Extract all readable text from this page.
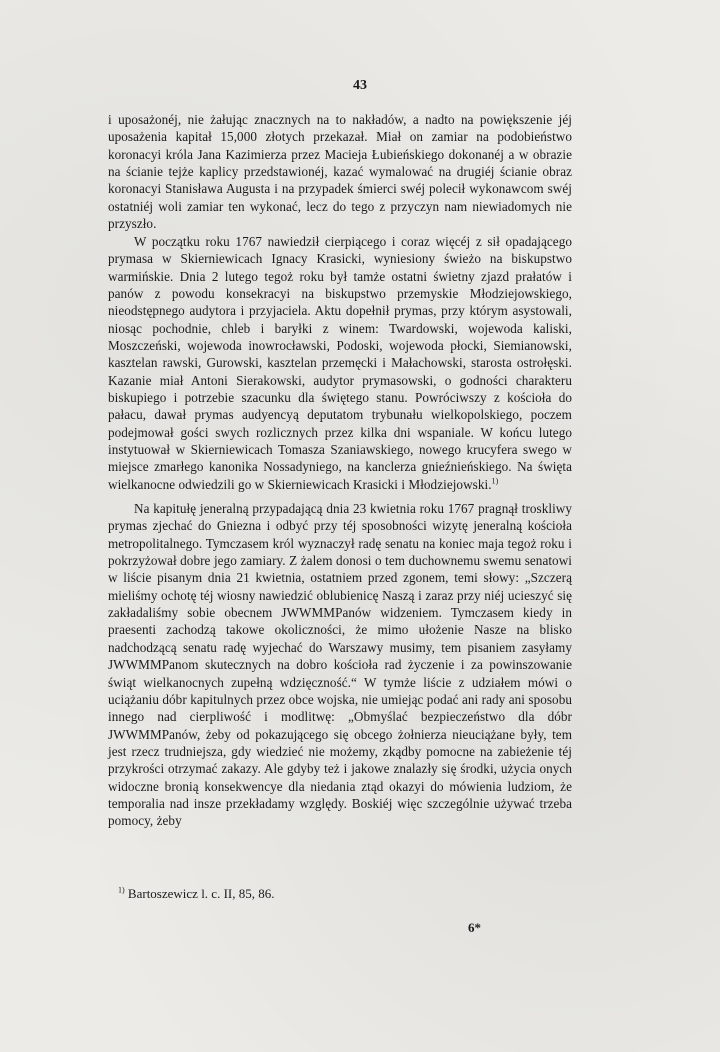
43

i uposażonéj, nie żałując znacznych na to nakładów, a nadto na powiększenie jéj uposażenia kapitał 15,000 złotych przekazał. Miał on zamiar na podobieństwo koronacyi króla Jana Kazimierza przez Macieja Łubieńskiego dokonanéj a w obrazie na ścianie tejże kaplicy przedstawionéj, kazać wymalować na drugiéj ścianie obraz koronacyi Stanisława Augusta i na przypadek śmierci swéj polecił wykonawcom swéj ostatniéj woli zamiar ten wykonać, lecz do tego z przyczyn nam niewiadomych nie przyszło.

W początku roku 1767 nawiedził cierpiącego i coraz więcéj z sił opadającego prymasa w Skierniewicach Ignacy Krasicki, wyniesiony świeżo na biskupstwo warmińskie. Dnia 2 lutego tegoż roku był tamże ostatni świetny zjazd prałatów i panów z powodu konsekracyi na biskupstwo przemyskie Młodziejowskiego, nieodstępnego audytora i przyjaciela. Aktu dopełnił prymas, przy którym asystowali, niosąc pochodnie, chleb i baryłki z winem: Twardowski, wojewoda kaliski, Moszczeński, wojewoda inowrocławski, Podoski, wojewoda płocki, Siemianowski, kasztelan rawski, Gurowski, kasztelan przemęcki i Małachowski, starosta ostrołęski. Kazanie miał Antoni Sierakowski, audytor prymasowski, o godności charakteru biskupiego i potrzebie szacunku dla świętego stanu. Powróciwszy z kościoła do pałacu, dawał prymas audyencyą deputatom trybunału wielkopolskiego, poczem podejmował gości swych rozlicznych przez kilka dni wspaniale. W końcu lutego instytuował w Skierniewicach Tomasza Szaniawskiego, nowego krucyfera swego w miejsce zmarłego kanonika Nossadyniego, na kanclerza gnieźnieńskiego. Na święta wielkanocne odwiedzili go w Skierniewicach Krasicki i Młodziejowski.$^{1)}$

Na kapitułę jeneralną przypadającą dnia 23 kwietnia roku 1767 pragnął troskliwy prymas zjechać do Gniezna i odbyć przy téj sposobności wizytę jeneralną kościoła metropolitalnego. Tymczasem król wyznaczył radę senatu na koniec maja tegoż roku i pokrzyżował dobre jego zamiary. Z żalem donosi o tem duchownemu swemu senatowi w liście pisanym dnia 21 kwietnia, ostatniem przed zgonem, temi słowy: „Szczerą mieliśmy ochotę téj wiosny nawiedzić oblubienicę Naszą i zaraz przy niéj ucieszyć się zakładaliśmy sobie obecnem JWWMMPanów widzeniem. Tymczasem kiedy in praesenti zachodzą takowe okoliczności, że mimo ułożenie Nasze na blisko nadchodzącą senatu radę wyjechać do Warszawy musimy, tem pisaniem zasyłamy JWWMMPanom skutecznych na dobro kościoła rad życzenie i za powinszowanie świąt wielkanocnych zupełną wdzięczność.“ W tymże liście z udziałem mówi o uciążaniu dóbr kapitulnych przez obce wojska, nie umiejąc podać ani rady ani sposobu innego nad cierpliwość i modlitwę: „Obmyślać bezpieczeństwo dla dóbr JWWMMPanów, żeby od pokazującego się obcego żołnierza nieuciążane były, tem jest rzecz trudniejsza, gdy wiedzieć nie możemy, zkądby pomocne na zabieżenie téj przykrości otrzymać zakazy. Ale gdyby też i jakowe znalazły się środki, użycia onych widoczne bronią konsekwencye dla niedania ztąd okazyi do mówienia ludziom, że temporalia nad insze przekładamy względy. Boskiéj więc szczególnie używać trzeba pomocy, żeby

$^{1)}$ Bartoszewicz l. c. II, 85, 86.
6*
